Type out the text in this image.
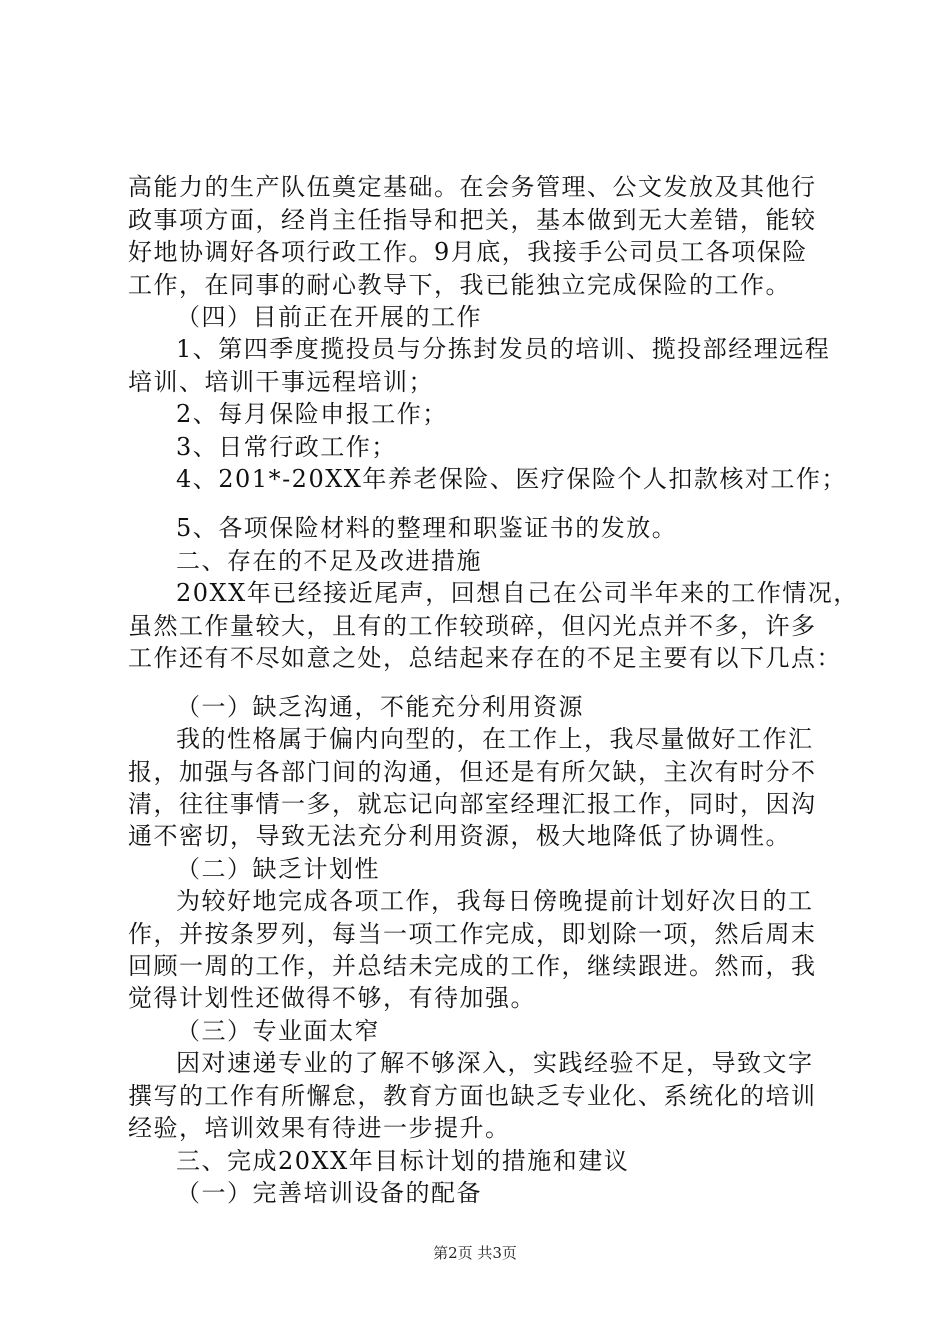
高能力的生产队伍奠定基础。在会务管理、公文发放及其他行
政事项方面，经肖主任指导和把关，基本做到无大差错，能较
好地协调好各项行政工作。9月底，我接手公司员工各项保险
工作，在同事的耐心教导下，我已能独立完成保险的工作。
（四）目前正在开展的工作
1、第四季度揽投员与分拣封发员的培训、揽投部经理远程
培训、培训干事远程培训；
2、每月保险申报工作；
3、日常行政工作；
4、201*-20XX年养老保险、医疗保险个人扣款核对工作；
5、各项保险材料的整理和职鉴证书的发放。
二、存在的不足及改进措施
20XX年已经接近尾声，回想自己在公司半年来的工作情况，
虽然工作量较大，且有的工作较琐碎，但闪光点并不多，许多
工作还有不尽如意之处，总结起来存在的不足主要有以下几点：
（一）缺乏沟通，不能充分利用资源
我的性格属于偏内向型的，在工作上，我尽量做好工作汇
报，加强与各部门间的沟通，但还是有所欠缺，主次有时分不
清，往往事情一多，就忘记向部室经理汇报工作，同时，因沟
通不密切，导致无法充分利用资源，极大地降低了协调性。
（二）缺乏计划性
为较好地完成各项工作，我每日傍晚提前计划好次日的工
作，并按条罗列，每当一项工作完成，即划除一项，然后周末
回顾一周的工作，并总结未完成的工作，继续跟进。然而，我
觉得计划性还做得不够，有待加强。
（三）专业面太窄
因对速递专业的了解不够深入，实践经验不足，导致文字
撰写的工作有所懈怠，教育方面也缺乏专业化、系统化的培训
经验，培训效果有待进一步提升。
三、完成20XX年目标计划的措施和建议
（一）完善培训设备的配备
第2页 共3页
